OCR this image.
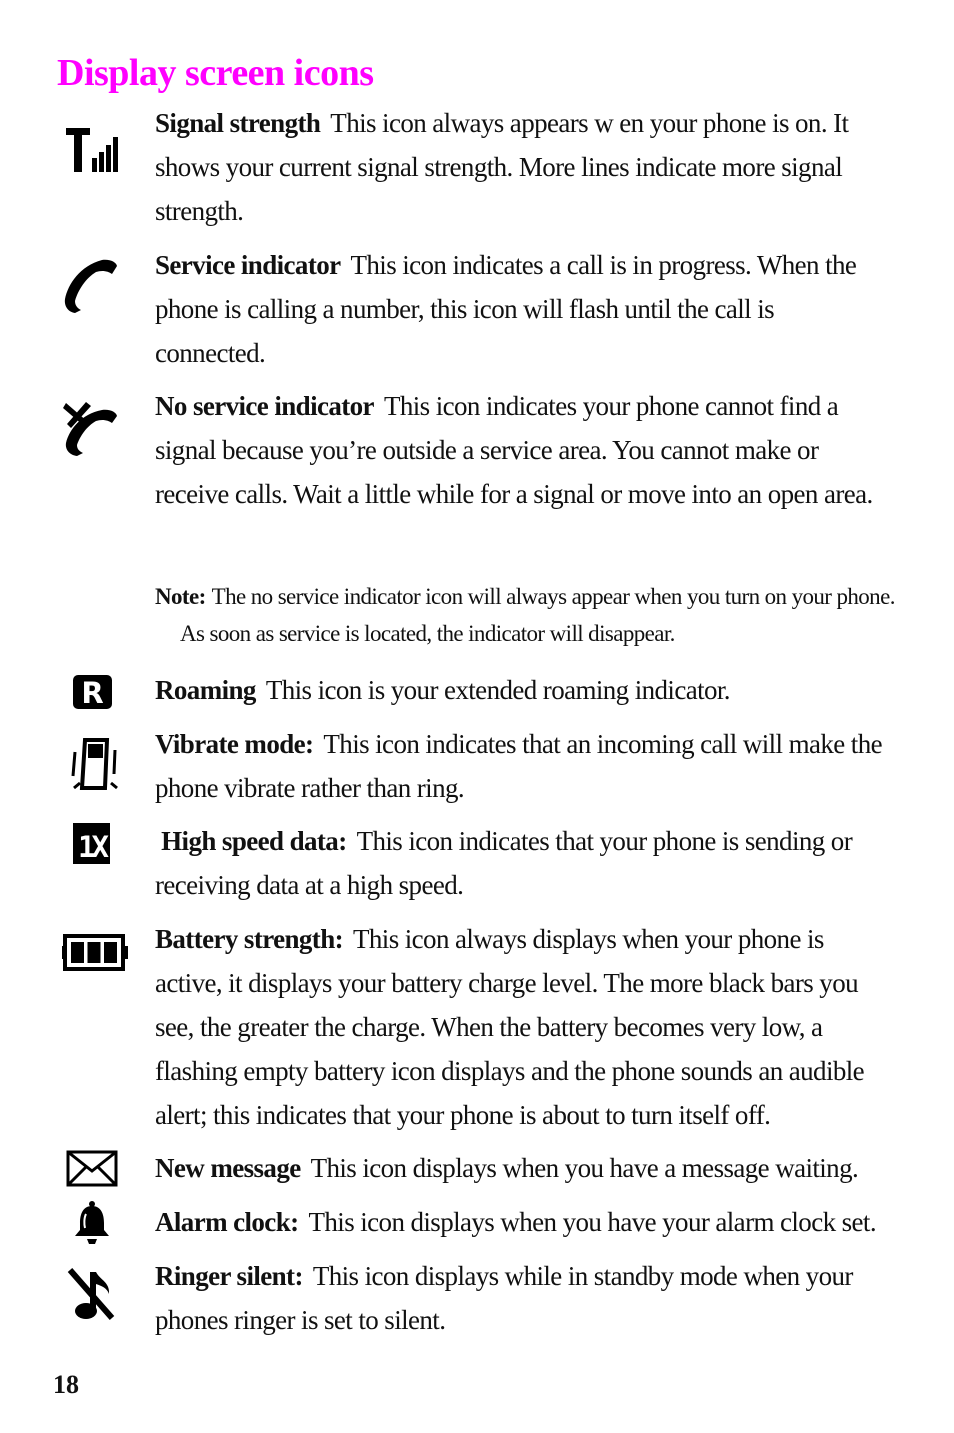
Display screen icons
Signal strength This icon always appears w en your phone is on. It shows your current signal strength. More lines indicate more signal strength.
Service indicator This icon indicates a call is in progress. When the phone is calling a number, this icon will flash until the call is connected.
No service indicator This icon indicates your phone cannot find a signal because you’re outside a service area. You cannot make or receive calls. Wait a little while for a signal or move into an open area.
Note: The no service indicator icon will always appear when you turn on your phone. As soon as service is located, the indicator will disappear.
R Roaming This icon is your extended roaming indicator.
Vibrate mode: This icon indicates that an incoming call will make the phone vibrate rather than ring.
1X High speed data: This icon indicates that your phone is sending or receiving data at a high speed.
Battery strength: This icon always displays when your phone is active, it displays your battery charge level. The more black bars you see, the greater the charge. When the battery becomes very low, a flashing empty battery icon displays and the phone sounds an audible alert; this indicates that your phone is about to turn itself off.
New message This icon displays when you have a message waiting.
Alarm clock: This icon displays when you have your alarm clock set.
Ringer silent: This icon displays while in standby mode when your phones ringer is set to silent.
18
